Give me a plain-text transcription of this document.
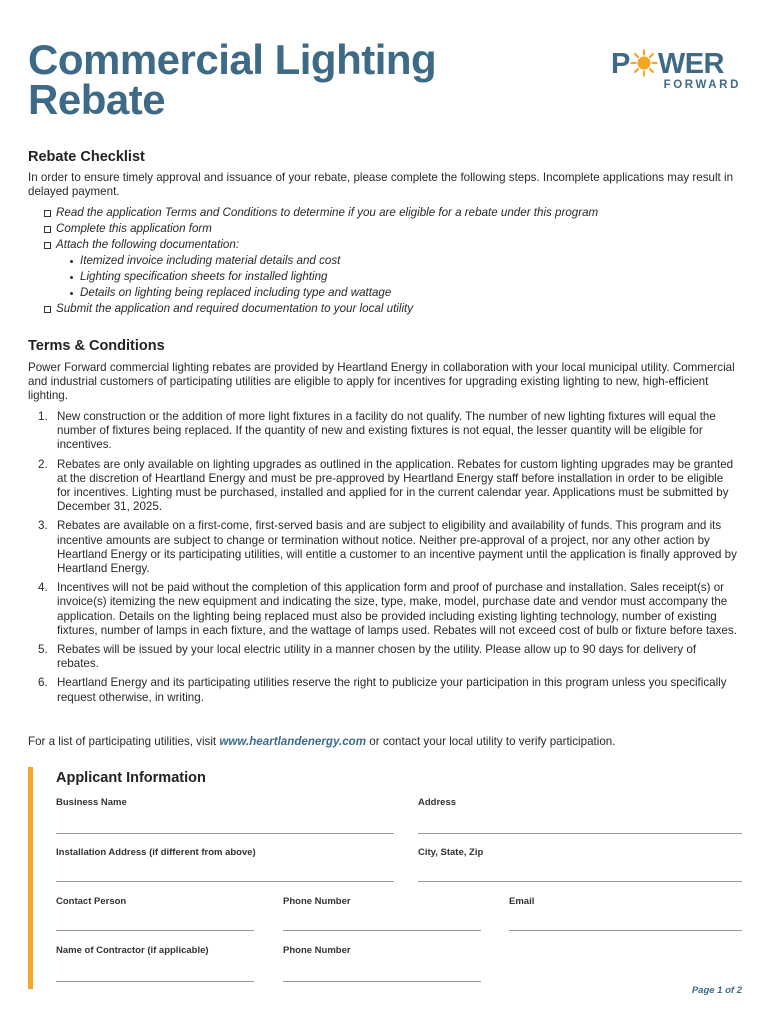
Commercial Lighting
Rebate
P WER
FORWARD
Rebate Checklist

In order to ensure timely approval and issuance of your rebate, please complete the following steps. Incomplete applications may result in delayed payment.

Read the application Terms and Conditions to determine if you are eligible for a rebate under this program
Complete this application form
Attach the following documentation:
Itemized invoice including material details and cost
Lighting specification sheets for installed lighting
Details on lighting being replaced including type and wattage
Submit the application and required documentation to your local utility
Terms & Conditions

Power Forward commercial lighting rebates are provided by Heartland Energy in collaboration with your local municipal utility. Commercial and industrial customers of participating utilities are eligible to apply for incentives for upgrading existing lighting to new, high-efficient lighting.

1. New construction or the addition of more light fixtures in a facility do not qualify. The number of new lighting fixtures will equal the number of fixtures being replaced. If the quantity of new and existing fixtures is not equal, the lesser quantity will be eligible for incentives.
2. Rebates are only available on lighting upgrades as outlined in the application. Rebates for custom lighting upgrades may be granted at the discretion of Heartland Energy and must be pre-approved by Heartland Energy staff before installation in order to be eligible for incentives. Lighting must be purchased, installed and applied for in the current calendar year. Applications must be submitted by December 31, 2025.
3. Rebates are available on a first-come, first-served basis and are subject to eligibility and availability of funds. This program and its incentive amounts are subject to change or termination without notice. Neither pre-approval of a project, nor any other action by Heartland Energy or its participating utilities, will entitle a customer to an incentive payment until the application is finally approved by Heartland Energy.
4. Incentives will not be paid without the completion of this application form and proof of purchase and installation. Sales receipt(s) or invoice(s) itemizing the new equipment and indicating the size, type, make, model, purchase date and vendor must accompany the application. Details on the lighting being replaced must also be provided including existing lighting technology, number of existing fixtures, number of lamps in each fixture, and the wattage of lamps used. Rebates will not exceed cost of bulb or fixture before taxes.
5. Rebates will be issued by your local electric utility in a manner chosen by the utility. Please allow up to 90 days for delivery of rebates.
6. Heartland Energy and its participating utilities reserve the right to publicize your participation in this program unless you specifically request otherwise, in writing.
For a list of participating utilities, visit www.heartlandenergy.com or contact your local utility to verify participation.
Applicant Information
Business Name	Address
Installation Address (if different from above)	City, State, Zip
Contact Person	Phone Number	Email
Name of Contractor (if applicable)	Phone Number
Page 1 of 2
